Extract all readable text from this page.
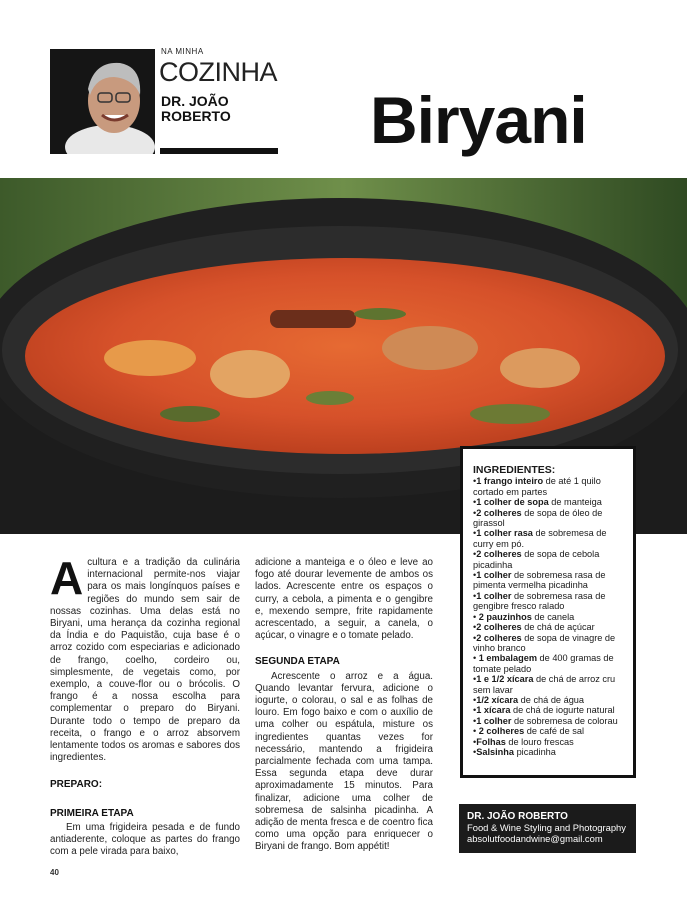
NA MINHA
COZINHA
DR. JOÃO
ROBERTO	Biryani

A cultura e a tradição da culinária internacional permite-nos viajar para os mais longínquos países e regiões do mundo sem sair de nossas cozinhas. Uma delas está no Biryani, uma herança da cozinha regional da Índia e do Paquistão, cuja base é o arroz cozido com especiarias e adicionado de frango, coelho, cordeiro ou, simplesmente, de vegetais como, por exemplo, a couve-flor ou o brócolis. O frango é a nossa escolha para complementar o preparo do Biryani. Durante todo o tempo de preparo da receita, o frango e o arroz absorvem lentamente todos os aromas e sabores dos ingredientes.

PREPARO:
PRIMEIRA ETAPA

Em uma frigideira pesada e de fundo antiaderente, coloque as partes do frango com a pele virada para baixo,

adicione a manteiga e o óleo e leve ao fogo até dourar levemente de ambos os lados. Acrescente entre os espaços o curry, a cebola, a pimenta e o gengibre e, mexendo sempre, frite rapidamente acrescentado, a seguir, a canela, o açúcar, o vinagre e o tomate pelado.

SEGUNDA ETAPA

Acrescente o arroz e a água. Quando levantar fervura, adicione o iogurte, o colorau, o sal e as folhas de louro. Em fogo baixo e com o auxílio de uma colher ou espátula, misture os ingredientes quantas vezes for necessário, mantendo a frigideira parcialmente fechada com uma tampa. Essa segunda etapa deve durar aproximadamente 15 minutos. Para finalizar, adicione uma colher de sobremesa de salsinha picadinha. A adição de menta fresca e de coentro fica como uma opção para enriquecer o Biryani de frango. Bom appétit!

INGREDIENTES:
• 1 frango inteiro de até 1 quilo cortado em partes
• 1 colher de sopa de manteiga
• 2 colheres de sopa de óleo de girassol
• 1 colher rasa de sobremesa de curry em pó.
• 2 colheres de sopa de cebola picadinha
• 1 colher de sobremesa rasa de pimenta vermelha picadinha
• 1 colher de sobremesa rasa de gengibre fresco ralado
• 2 pauzinhos de canela
• 2 colheres de chá de açúcar
• 2 colheres de sopa de vinagre de vinho branco
• 1 embalagem de 400 gramas de tomate pelado
• 1 e 1/2 xícara de chá de arroz cru sem lavar
• 1/2 xícara de chá de água
• 1 xícara de chá de iogurte natural
• 1 colher de sobremesa de colorau
• 2 colheres de café de sal
• Folhas de louro frescas
• Salsinha picadinha
DR. JOÃO ROBERTO
Food & Wine Styling and Photography
absolutfoodandwine@gmail.com
40
